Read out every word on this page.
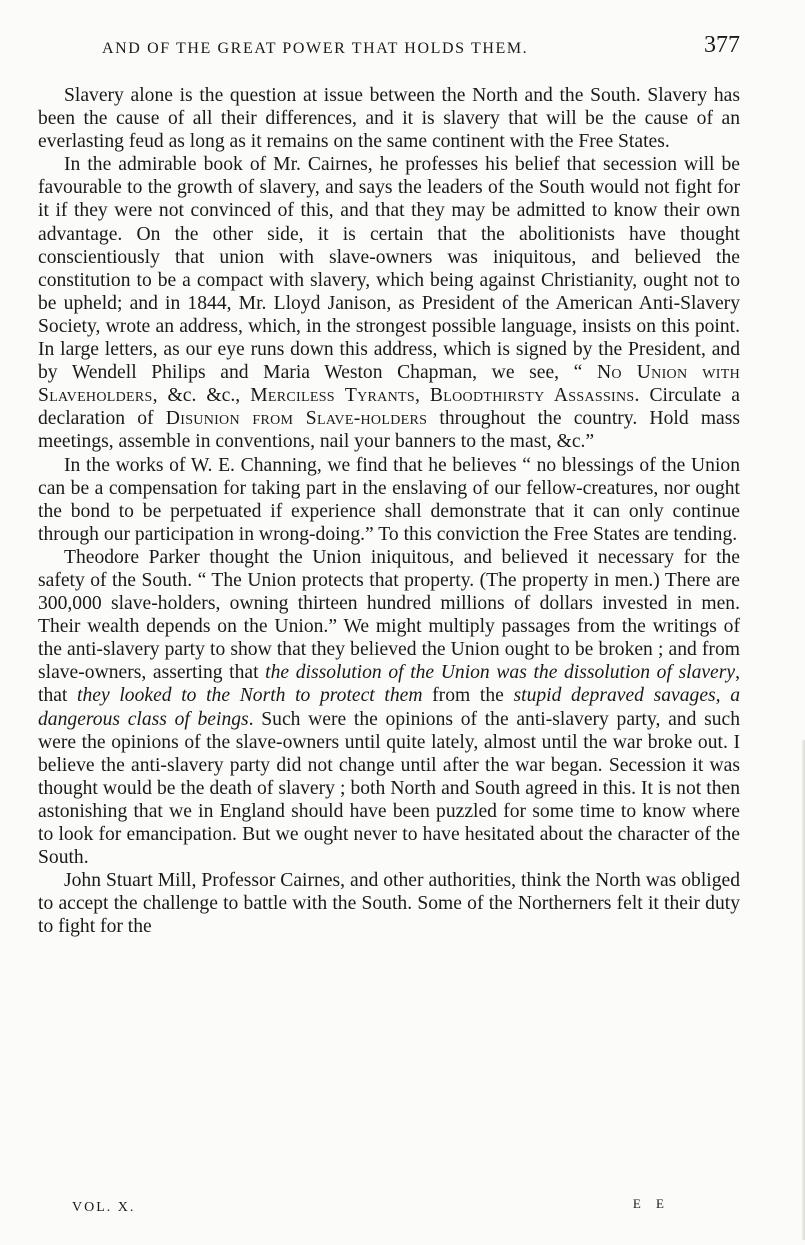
AND OF THE GREAT POWER THAT HOLDS THEM.	377

Slavery alone is the question at issue between the North and the South. Slavery has been the cause of all their differences, and it is slavery that will be the cause of an everlasting feud as long as it remains on the same continent with the Free States.

In the admirable book of Mr. Cairnes, he professes his belief that secession will be favourable to the growth of slavery, and says the leaders of the South would not fight for it if they were not convinced of this, and that they may be admitted to know their own advantage. On the other side, it is certain that the abolitionists have thought conscientiously that union with slave-owners was iniquitous, and believed the constitution to be a compact with slavery, which being against Christianity, ought not to be upheld; and in 1844, Mr. Lloyd Janison, as President of the American Anti-Slavery Society, wrote an address, which, in the strongest possible language, insists on this point. In large letters, as our eye runs down this address, which is signed by the President, and by Wendell Philips and Maria Weston Chapman, we see, “ No Union with Slaveholders, &c. &c., Merciless Tyrants, Bloodthirsty Assassins. Circulate a declaration of Disunion from Slave-holders throughout the country. Hold mass meetings, assemble in conventions, nail your banners to the mast, &c.”

In the works of W. E. Channing, we find that he believes “ no blessings of the Union can be a compensation for taking part in the enslaving of our fellow-creatures, nor ought the bond to be perpetuated if experience shall demonstrate that it can only continue through our participation in wrong-doing.” To this conviction the Free States are tending.

Theodore Parker thought the Union iniquitous, and believed it necessary for the safety of the South. “ The Union protects that property. (The property in men.) There are 300,000 slave-holders, owning thirteen hundred millions of dollars invested in men. Their wealth depends on the Union.” We might multiply passages from the writings of the anti-slavery party to show that they believed the Union ought to be broken ; and from slave-owners, asserting that the dissolution of the Union was the dissolution of slavery, that they looked to the North to protect them from the stupid depraved savages, a dangerous class of beings. Such were the opinions of the anti-slavery party, and such were the opinions of the slave-owners until quite lately, almost until the war broke out. I believe the anti-slavery party did not change until after the war began. Secession it was thought would be the death of slavery ; both North and South agreed in this. It is not then astonishing that we in England should have been puzzled for some time to know where to look for emancipation. But we ought never to have hesitated about the character of the South.

John Stuart Mill, Professor Cairnes, and other authorities, think the North was obliged to accept the challenge to battle with the South. Some of the Northerners felt it their duty to fight for the

VOL. X.	E E
